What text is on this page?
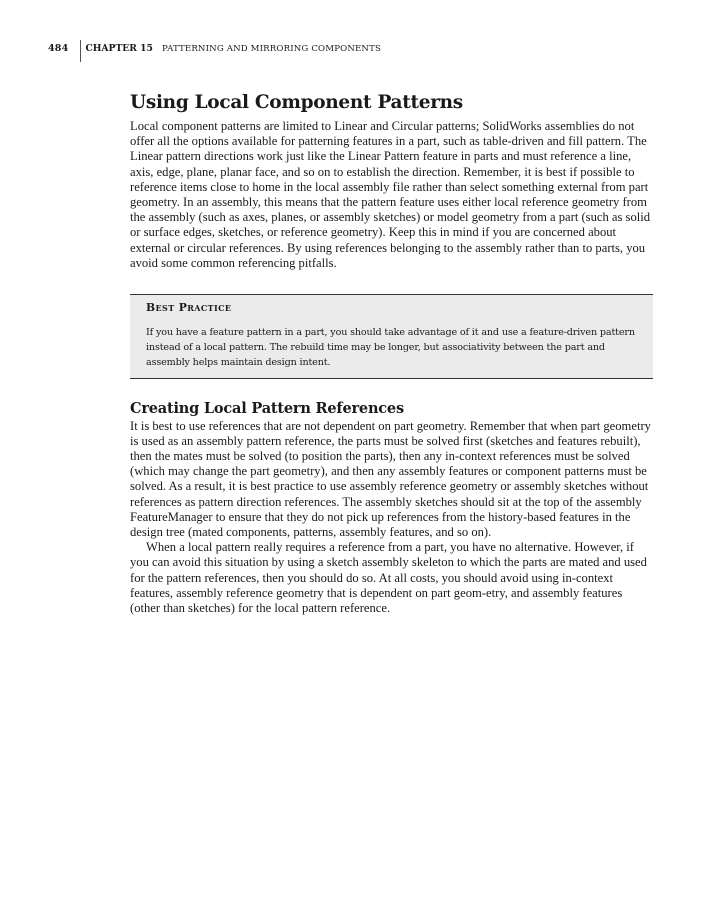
484 CHAPTER 15 PATTERNING AND MIRRORING COMPONENTS
Using Local Component Patterns

Local component patterns are limited to Linear and Circular patterns; SolidWorks assemblies do not offer all the options available for patterning features in a part, such as table-driven and fill pattern. The Linear pattern directions work just like the Linear Pattern feature in parts and must reference a line, axis, edge, plane, planar face, and so on to establish the direction. Remember, it is best if possible to reference items close to home in the local assembly file rather than select something external from part geometry. In an assembly, this means that the pattern feature uses either local reference geometry from the assembly (such as axes, planes, or assembly sketches) or model geometry from a part (such as solid or surface edges, sketches, or reference geometry). Keep this in mind if you are concerned about external or circular references. By using references belonging to the assembly rather than to parts, you avoid some common referencing pitfalls.

Best Practice

If you have a feature pattern in a part, you should take advantage of it and use a feature-driven pattern instead of a local pattern. The rebuild time may be longer, but associativity between the part and assembly helps maintain design intent.

Creating Local Pattern References

It is best to use references that are not dependent on part geometry. Remember that when part geometry is used as an assembly pattern reference, the parts must be solved first (sketches and features rebuilt), then the mates must be solved (to position the parts), then any in-context references must be solved (which may change the part geometry), and then any assembly features or component patterns must be solved. As a result, it is best practice to use assembly reference geometry or assembly sketches without references as pattern direction references. The assembly sketches should sit at the top of the assembly FeatureManager to ensure that they do not pick up references from the history-based features in the design tree (mated components, patterns, assembly features, and so on).

When a local pattern really requires a reference from a part, you have no alternative. However, if you can avoid this situation by using a sketch assembly skeleton to which the parts are mated and used for the pattern references, then you should do so. At all costs, you should avoid using in-context features, assembly reference geometry that is dependent on part geom-etry, and assembly features (other than sketches) for the local pattern reference.
